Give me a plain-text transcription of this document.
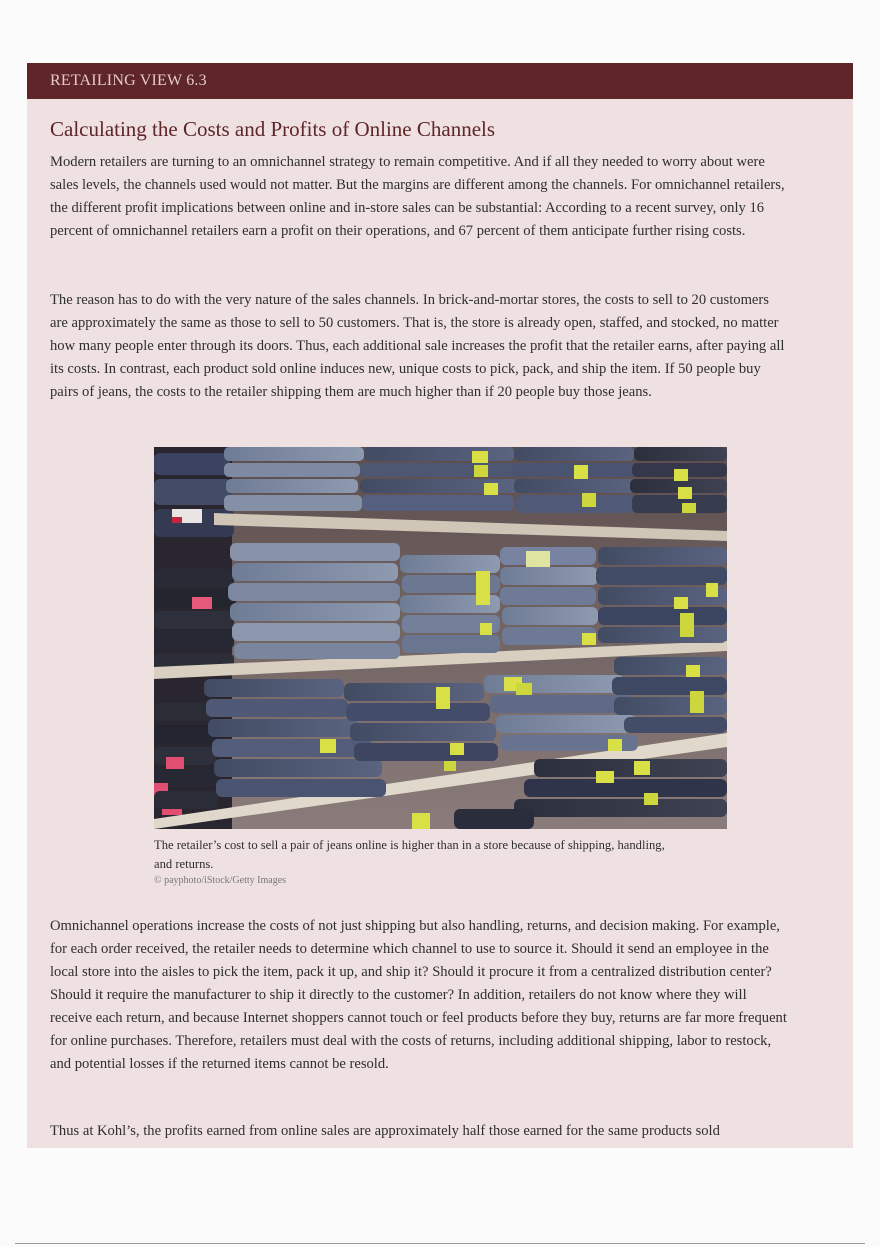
RETAILING VIEW 6.3
Calculating the Costs and Profits of Online Channels

Modern retailers are turning to an omnichannel strategy to remain competitive. And if all they needed to worry about were sales levels, the channels used would not matter. But the margins are different among the channels. For omnichannel retailers, the different profit implications between online and in-store sales can be substantial: According to a recent survey, only 16 percent of omnichannel retailers earn a profit on their operations, and 67 percent of them anticipate further rising costs.

The reason has to do with the very nature of the sales channels. In brick-and-mortar stores, the costs to sell to 20 customers are approximately the same as those to sell to 50 customers. That is, the store is already open, staffed, and stocked, no matter how many people enter through its doors. Thus, each additional sale increases the profit that the retailer earns, after paying all its costs. In contrast, each product sold online induces new, unique costs to pick, pack, and ship the item. If 50 people buy pairs of jeans, the costs to the retailer shipping them are much higher than if 20 people buy those jeans.

The retailer’s cost to sell a pair of jeans online is higher than in a store because of shipping, handling, and returns.

© payphoto/iStock/Getty Images

Omnichannel operations increase the costs of not just shipping but also handling, returns, and decision making. For example, for each order received, the retailer needs to determine which channel to use to source it. Should it send an employee in the local store into the aisles to pick the item, pack it up, and ship it? Should it procure it from a centralized distribution center? Should it require the manufacturer to ship it directly to the customer? In addition, retailers do not know where they will receive each return, and because Internet shoppers cannot touch or feel products before they buy, returns are far more frequent for online purchases. Therefore, retailers must deal with the costs of returns, including additional shipping, labor to restock, and potential losses if the returned items cannot be resold.

Thus at Kohl’s, the profits earned from online sales are approximately half those earned for the same products sold
